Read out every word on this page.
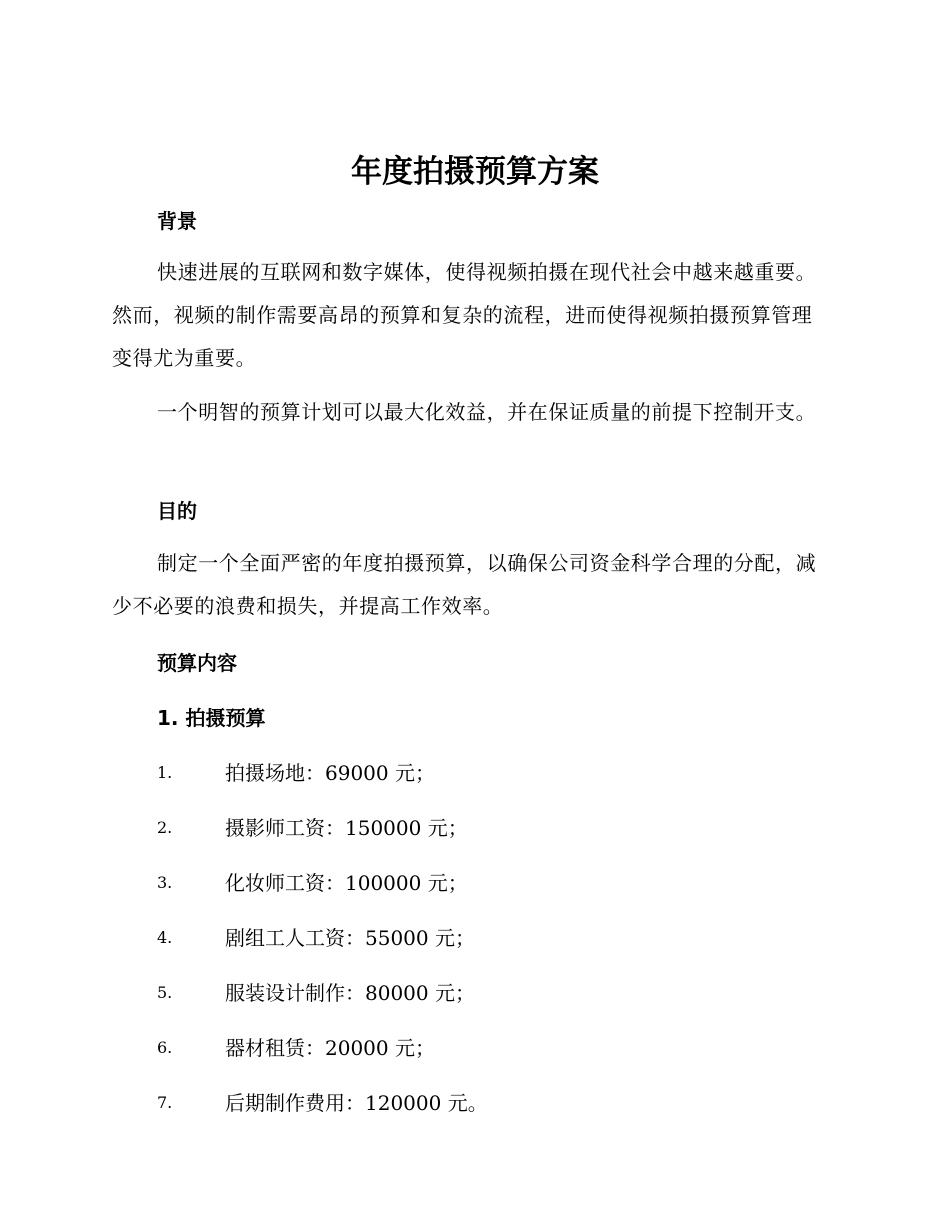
年度拍摄预算方案
背景

快速进展的互联网和数字媒体，使得视频拍摄在现代社会中越来越重要。然而，视频的制作需要高昂的预算和复杂的流程，进而使得视频拍摄预算管理变得尤为重要。

一个明智的预算计划可以最大化效益，并在保证质量的前提下控制开支。

目的

制定一个全面严密的年度拍摄预算，以确保公司资金科学合理的分配，减少不必要的浪费和损失，并提高工作效率。

预算内容
1. 拍摄预算
1.	拍摄场地：69000 元；
2.	摄影师工资：150000 元；
3.	化妆师工资：100000 元；
4.	剧组工人工资：55000 元；
5.	服装设计制作：80000 元；
6.	器材租赁：20000 元；
7.	后期制作费用：120000 元。
